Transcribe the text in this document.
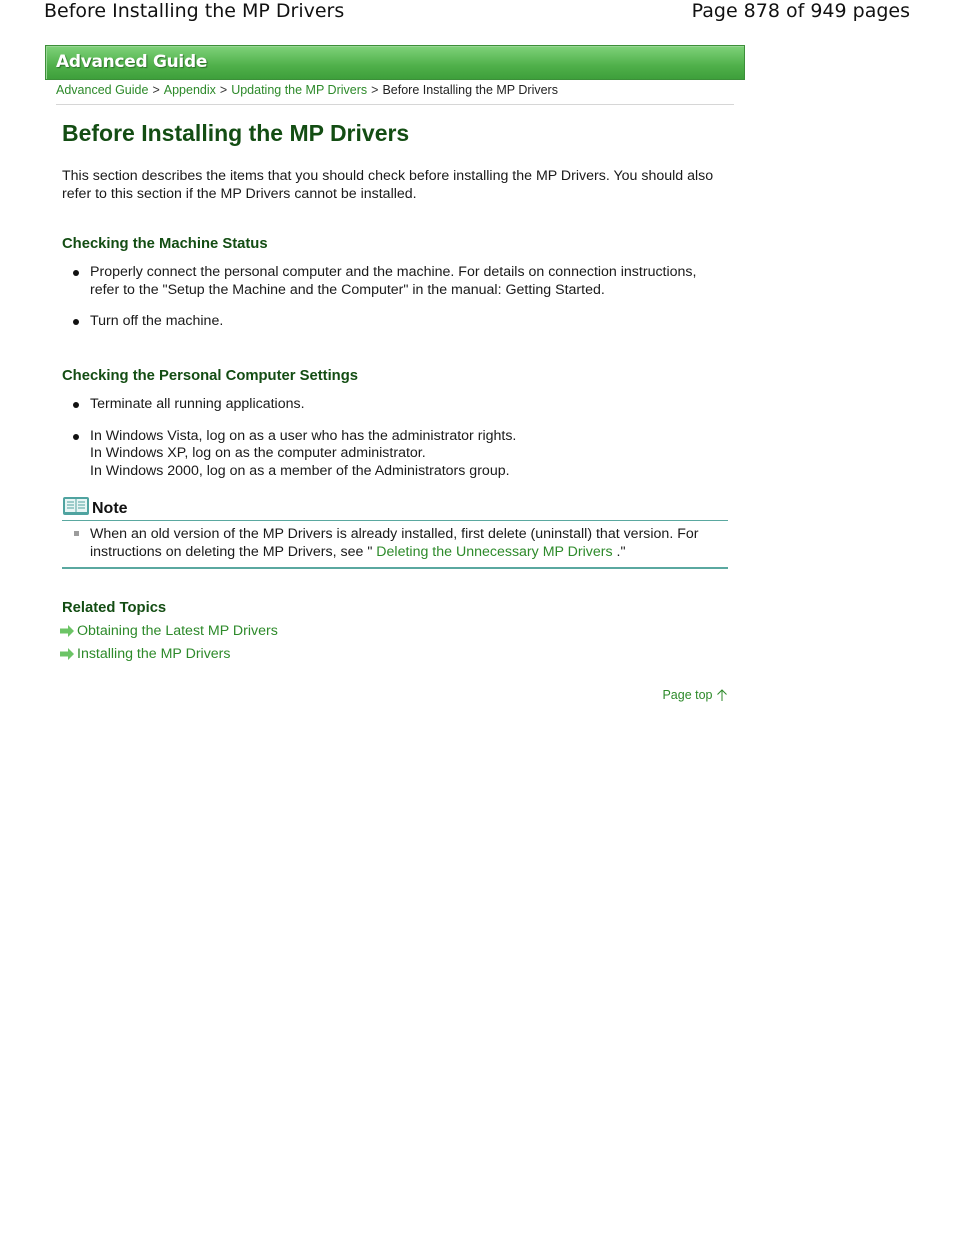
Before Installing the MP Drivers	Page 878 of 949 pages
Advanced Guide
Advanced Guide > Appendix > Updating the MP Drivers > Before Installing the MP Drivers
Before Installing the MP Drivers

This section describes the items that you should check before installing the MP Drivers. You should also refer to this section if the MP Drivers cannot be installed.

Checking the Machine Status
Properly connect the personal computer and the machine. For details on connection instructions, refer to the "Setup the Machine and the Computer" in the manual: Getting Started.
Turn off the machine.
Checking the Personal Computer Settings
Terminate all running applications.
In Windows Vista, log on as a user who has the administrator rights.
In Windows XP, log on as the computer administrator.
In Windows 2000, log on as a member of the Administrators group.
Note
When an old version of the MP Drivers is already installed, first delete (uninstall) that version. For instructions on deleting the MP Drivers, see " Deleting the Unnecessary MP Drivers ."
Related Topics
Obtaining the Latest MP Drivers
Installing the MP Drivers
Page top
